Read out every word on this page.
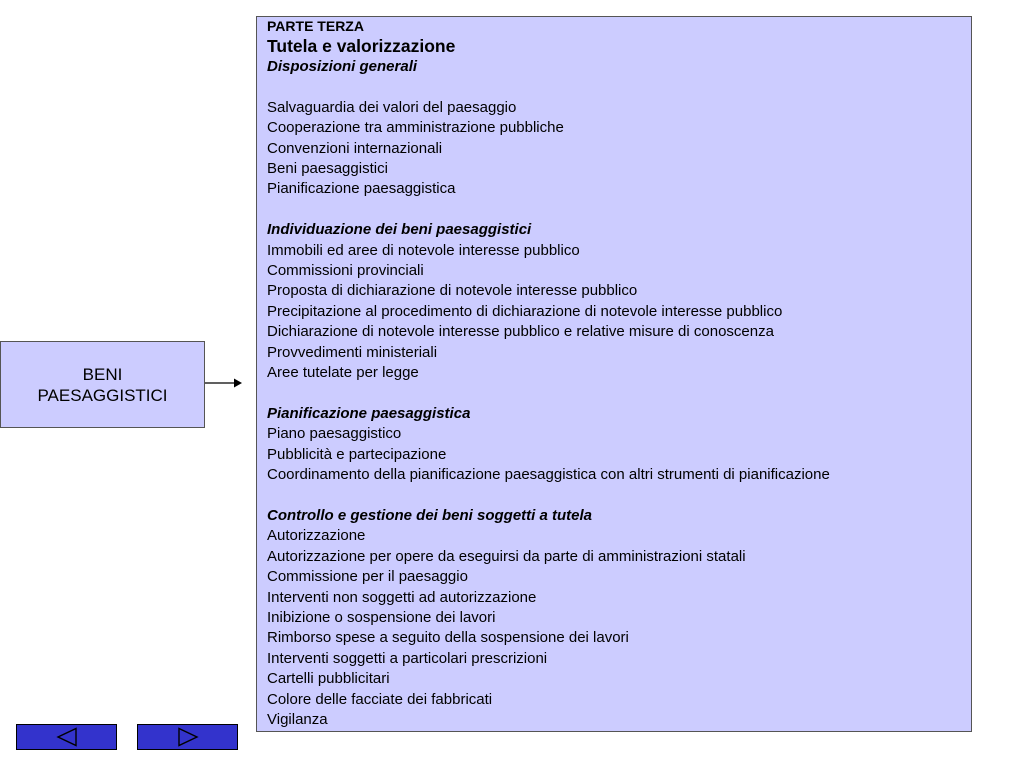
BENI
PAESAGGISTICI
PARTE TERZA
Tutela e valorizzazione
Disposizioni generali
Salvaguardia dei valori del paesaggio
Cooperazione tra amministrazione pubbliche
Convenzioni internazionali
Beni paesaggistici
Pianificazione paesaggistica
Individuazione dei beni paesaggistici
Immobili ed aree di notevole interesse pubblico
Commissioni provinciali
Proposta di dichiarazione di notevole interesse pubblico
Precipitazione al procedimento di dichiarazione di notevole interesse pubblico
Dichiarazione di notevole interesse pubblico e relative misure di conoscenza
Provvedimenti ministeriali
Aree tutelate per legge
Pianificazione paesaggistica
Piano paesaggistico
Pubblicità e partecipazione
Coordinamento della pianificazione paesaggistica con altri strumenti di pianificazione
Controllo e gestione dei beni soggetti a tutela
Autorizzazione
Autorizzazione per opere da eseguirsi da parte di amministrazioni statali
Commissione per il paesaggio
Interventi non soggetti ad autorizzazione
Inibizione o sospensione dei lavori
Rimborso spese a seguito della sospensione dei lavori
Interventi soggetti a particolari prescrizioni
Cartelli pubblicitari
Colore delle facciate dei fabbricati
Vigilanza
